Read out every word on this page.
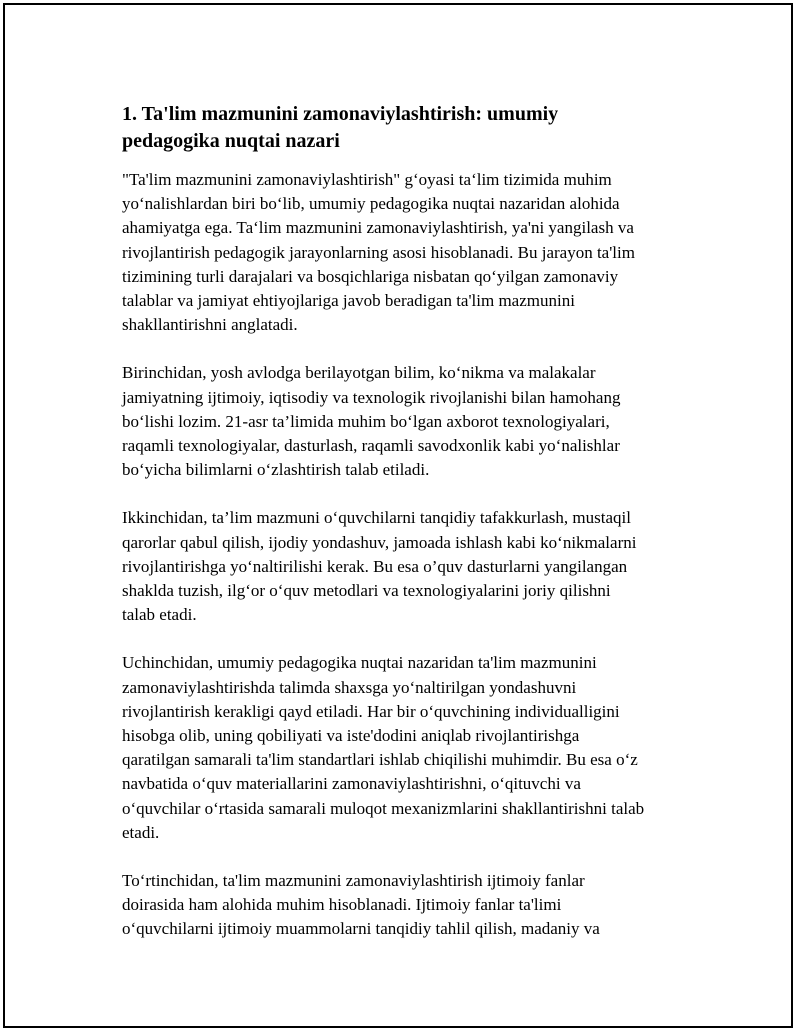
1. Ta'lim mazmunini zamonaviylashtirish: umumiy
pedagogika nuqtai nazari

"Ta'lim mazmunini zamonaviylashtirish" g‘oyasi ta‘lim tizimida muhim
yo‘nalishlardan biri bo‘lib, umumiy pedagogika nuqtai nazaridan alohida
ahamiyatga ega. Ta‘lim mazmunini zamonaviylashtirish, ya'ni yangilash va
rivojlantirish pedagogik jarayonlarning asosi hisoblanadi. Bu jarayon ta'lim
tizimining turli darajalari va bosqichlariga nisbatan qo‘yilgan zamonaviy
talablar va jamiyat ehtiyojlariga javob beradigan ta'lim mazmunini
shakllantirishni anglatadi.

Birinchidan, yosh avlodga berilayotgan bilim, ko‘nikma va malakalar
jamiyatning ijtimoiy, iqtisodiy va texnologik rivojlanishi bilan hamohang
bo‘lishi lozim. 21-asr ta’limida muhim bo‘lgan axborot texnologiyalari,
raqamli texnologiyalar, dasturlash, raqamli savodxonlik kabi yo‘nalishlar
bo‘yicha bilimlarni o‘zlashtirish talab etiladi.

Ikkinchidan, ta’lim mazmuni o‘quvchilarni tanqidiy tafakkurlash, mustaqil
qarorlar qabul qilish, ijodiy yondashuv, jamoada ishlash kabi ko‘nikmalarni
rivojlantirishga yo‘naltirilishi kerak. Bu esa o’quv dasturlarni yangilangan
shaklda tuzish, ilg‘or o‘quv metodlari va texnologiyalarini joriy qilishni
talab etadi.

Uchinchidan, umumiy pedagogika nuqtai nazaridan ta'lim mazmunini
zamonaviylashtirishda talimda shaxsga yo‘naltirilgan yondashuvni
rivojlantirish kerakligi qayd etiladi. Har bir o‘quvchining individualligini
hisobga olib, uning qobiliyati va iste'dodini aniqlab rivojlantirishga
qaratilgan samarali ta'lim standartlari ishlab chiqilishi muhimdir. Bu esa o‘z
navbatida o‘quv materiallarini zamonaviylashtirishni, o‘qituvchi va
o‘quvchilar o‘rtasida samarali muloqot mexanizmlarini shakllantirishni talab
etadi.

To‘rtinchidan, ta'lim mazmunini zamonaviylashtirish ijtimoiy fanlar
doirasida ham alohida muhim hisoblanadi. Ijtimoiy fanlar ta'limi
o‘quvchilarni ijtimoiy muammolarni tanqidiy tahlil qilish, madaniy va
